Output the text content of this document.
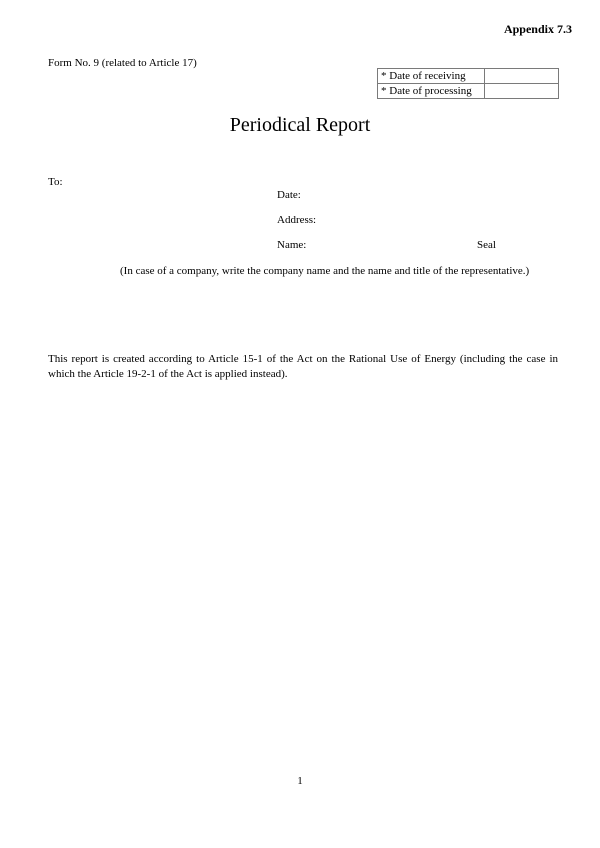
Appendix 7.3
Form No. 9 (related to Article 17)
* Date of receiving	
* Date of processing	
Periodical Report
To:
Date:
Address:
Name:	Seal
(In case of a company, write the company name and the name and title of the representative.)
This report is created according to Article 15-1 of the Act on the Rational Use of Energy (including the case in which the Article 19-2-1 of the Act is applied instead).
1
